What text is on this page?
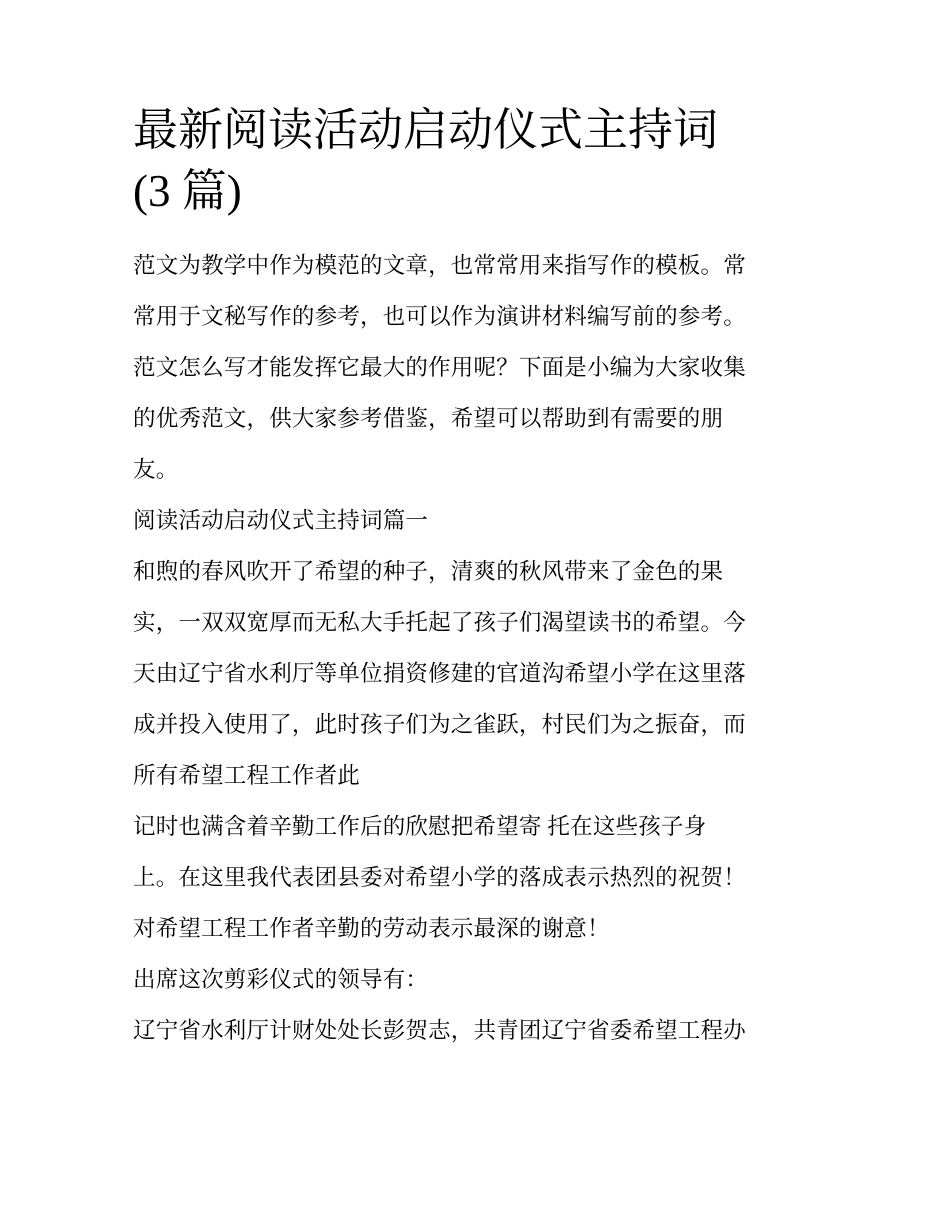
最新阅读活动启动仪式主持词
(3 篇)

范文为教学中作为模范的文章，也常常用来指写作的模板。常
常用于文秘写作的参考，也可以作为演讲材料编写前的参考。
范文怎么写才能发挥它最大的作用呢？下面是小编为大家收集
的优秀范文，供大家参考借鉴，希望可以帮助到有需要的朋
友。

阅读活动启动仪式主持词篇一

和煦的春风吹开了希望的种子，清爽的秋风带来了金色的果
实，一双双宽厚而无私大手托起了孩子们渴望读书的希望。今
天由辽宁省水利厅等单位捐资修建的官道沟希望小学在这里落
成并投入使用了，此时孩子们为之雀跃，村民们为之振奋，而
所有希望工程工作者此

记时也满含着辛勤工作后的欣慰把希望寄 托在这些孩子身
上。在这里我代表团县委对希望小学的落成表示热烈的祝贺！
对希望工程工作者辛勤的劳动表示最深的谢意！

出席这次剪彩仪式的领导有：

辽宁省水利厅计财处处长彭贺志，共青团辽宁省委希望工程办
